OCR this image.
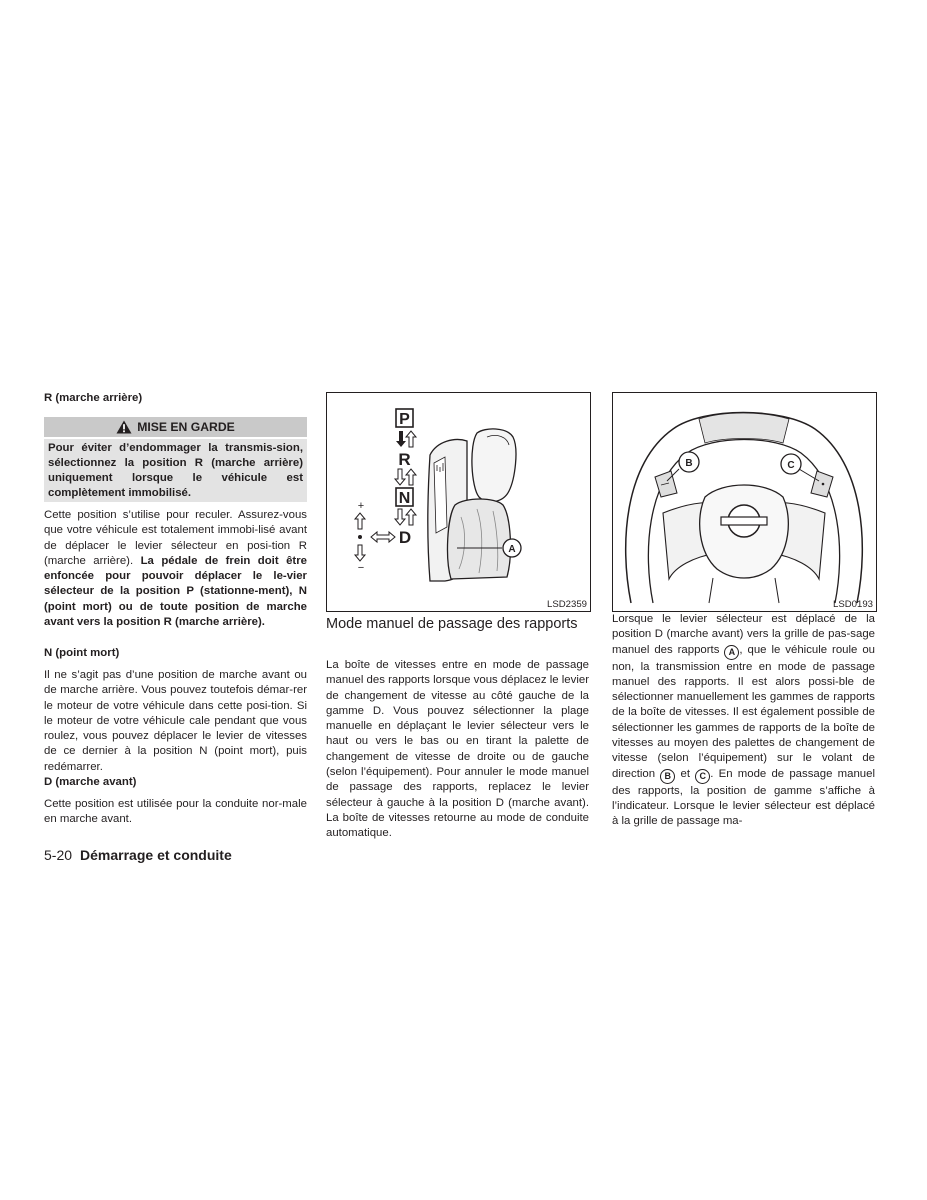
R (marche arrière)
MISE EN GARDE

Pour éviter d’endommager la transmis-sion, sélectionnez la position R (marche arrière) uniquement lorsque le véhicule est complètement immobilisé.

Cette position s’utilise pour reculer. Assurez-vous que votre véhicule est totalement immobi-lisé avant de déplacer le levier sélecteur en posi-tion R (marche arrière). La pédale de frein doit être enfoncée pour pouvoir déplacer le le-vier sélecteur de la position P (stationne-ment), N (point mort) ou de toute position de marche avant vers la position R (marche arrière).

N (point mort)

Il ne s’agit pas d’une position de marche avant ou de marche arrière. Vous pouvez toutefois démar-rer le moteur de votre véhicule dans cette posi-tion. Si le moteur de votre véhicule cale pendant que vous roulez, vous pouvez déplacer le levier de vitesses de ce dernier à la position N (point mort), puis redémarrer.

D (marche avant)

Cette position est utilisée pour la conduite nor-male en marche avant.

P
R
N
D
+
−
A
LSD2359
Mode manuel de passage des rapports

La boîte de vitesses entre en mode de passage manuel des rapports lorsque vous déplacez le levier de changement de vitesse au côté gauche de la gamme D. Vous pouvez sélectionner la plage manuelle en déplaçant le levier sélecteur vers le haut ou vers le bas ou en tirant la palette de changement de vitesse de droite ou de gauche (selon l’équipement). Pour annuler le mode manuel de passage des rapports, replacez le levier sélecteur à gauche à la position D (marche avant). La boîte de vitesses retourne au mode de conduite automatique.

B	C
LSD0193

Lorsque le levier sélecteur est déplacé de la position D (marche avant) vers la grille de pas-sage manuel des rapports A , que le véhicule roule ou non, la transmission entre en mode de passage manuel des rapports. Il est alors possi-ble de sélectionner manuellement les gammes de rapports de la boîte de vitesses. Il est également possible de sélectionner les gammes de rapports de la boîte de vitesses au moyen des palettes de changement de vitesse (selon l’équipement) sur le volant de direction B et C . En mode de passage manuel des rapports, la position de gamme s’affiche à l’indicateur. Lorsque le levier sélecteur est déplacé à la grille de passage ma-

5-20 Démarrage et conduite
